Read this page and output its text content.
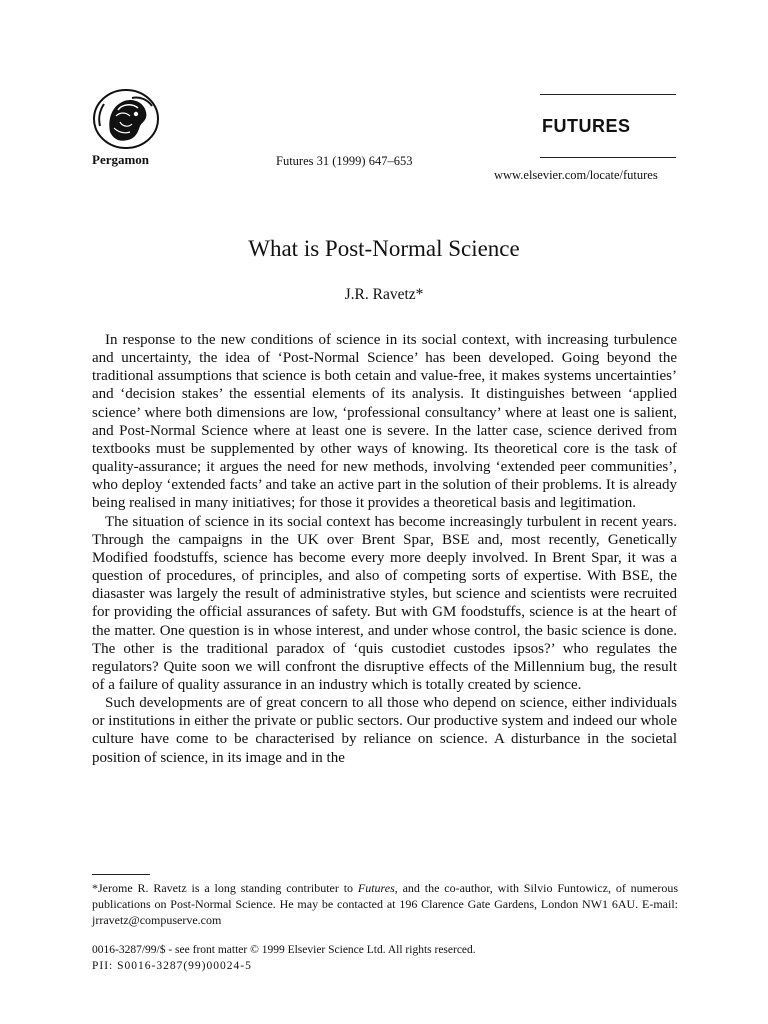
Pergamon	Futures 31 (1999) 647–653
FUTURES
www.elsevier.com/locate/futures
What is Post-Normal Science
J.R. Ravetz*

In response to the new conditions of science in its social context, with increasing turbulence and uncertainty, the idea of ‘Post-Normal Science’ has been developed. Going beyond the traditional assumptions that science is both cetain and value-free, it makes systems uncertainties’ and ‘decision stakes’ the essential elements of its analysis. It distinguishes between ‘applied science’ where both dimensions are low, ‘professional consultancy’ where at least one is salient, and Post-Normal Science where at least one is severe. In the latter case, science derived from textbooks must be supplemented by other ways of knowing. Its theoretical core is the task of quality-assurance; it argues the need for new methods, involving ‘extended peer communities’, who deploy ‘extended facts’ and take an active part in the solution of their problems. It is already being realised in many initiatives; for those it provides a theoretical basis and legitimation.

The situation of science in its social context has become increasingly turbulent in recent years. Through the campaigns in the UK over Brent Spar, BSE and, most recently, Genetically Modified foodstuffs, science has become every more deeply involved. In Brent Spar, it was a question of procedures, of principles, and also of competing sorts of expertise. With BSE, the diasaster was largely the result of administrative styles, but science and scientists were recruited for providing the official assurances of safety. But with GM foodstuffs, science is at the heart of the matter. One question is in whose interest, and under whose control, the basic science is done. The other is the traditional paradox of ‘quis custodiet custodes ipsos?’ who regulates the regulators? Quite soon we will confront the disruptive effects of the Millennium bug, the result of a failure of quality assurance in an industry which is totally created by science.

Such developments are of great concern to all those who depend on science, either individuals or institutions in either the private or public sectors. Our productive system and indeed our whole culture have come to be characterised by reliance on science. A disturbance in the societal position of science, in its image and in the

*Jerome R. Ravetz is a long standing contributer to Futures, and the co-author, with Silvio Funtowicz, of numerous publications on Post-Normal Science. He may be contacted at 196 Clarence Gate Gardens, London NW1 6AU. E-mail: jrravetz@compuserve.com
0016-3287/99/$ - see front matter © 1999 Elsevier Science Ltd. All rights reserced.
PII: S0016-3287(99)00024-5
